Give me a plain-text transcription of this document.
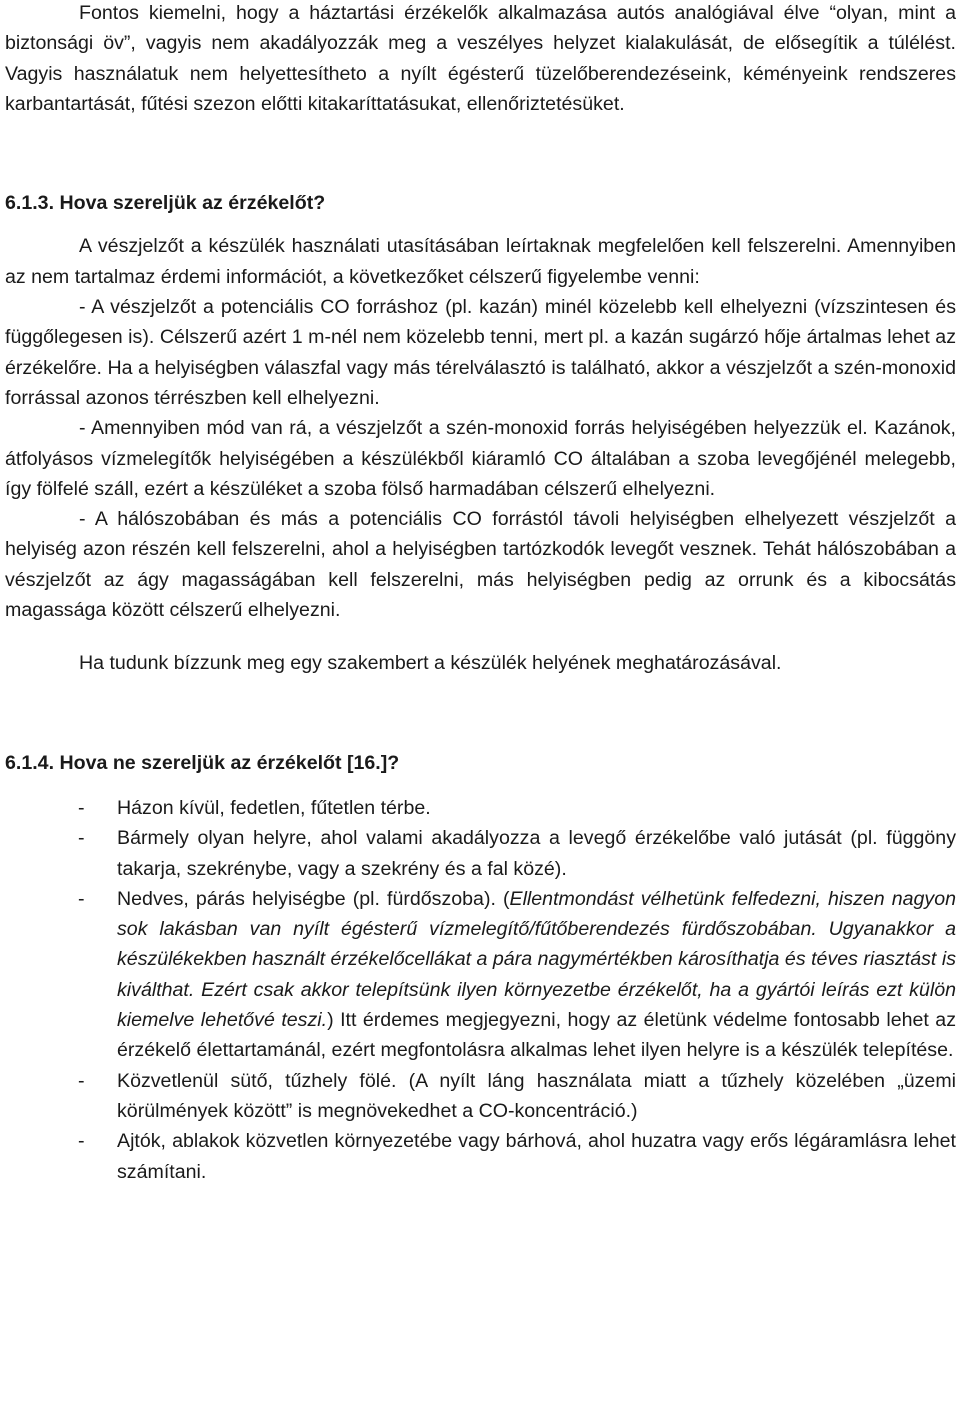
Fontos kiemelni, hogy a háztartási érzékelők alkalmazása autós analógiával élve “olyan, mint a biztonsági öv”, vagyis nem akadályozzák meg a veszélyes helyzet kialakulását, de elősegítik a túlélést. Vagyis használatuk nem helyettesítheto a nyílt égésterű tüzelőberendezéseink, kéményeink rendszeres karbantartását, fűtési szezon előtti kitakaríttatásukat, ellenőriztetésüket.

6.1.3. Hova szereljük az érzékelőt?

A vészjelzőt a készülék használati utasításában leírtaknak megfelelően kell felszerelni. Amennyiben az nem tartalmaz érdemi információt, a következőket célszerű figyelembe venni:

- A vészjelzőt a potenciális CO forráshoz (pl. kazán) minél közelebb kell elhelyezni (vízszintesen és függőlegesen is). Célszerű azért 1 m-nél nem közelebb tenni, mert pl. a kazán sugárzó hője ártalmas lehet az érzékelőre. Ha a helyiségben válaszfal vagy más térelválasztó is található, akkor a vészjelzőt a szén-monoxid forrással azonos térrészben kell elhelyezni.

- Amennyiben mód van rá, a vészjelzőt a szén-monoxid forrás helyiségében helyezzük el. Kazánok, átfolyásos vízmelegítők helyiségében a készülékből kiáramló CO általában a szoba levegőjénél melegebb, így fölfelé száll, ezért a készüléket a szoba fölső harmadában célszerű elhelyezni.

- A hálószobában és más a potenciális CO forrástól távoli helyiségben elhelyezett vészjelzőt a helyiség azon részén kell felszerelni, ahol a helyiségben tartózkodók levegőt vesznek. Tehát hálószobában a vészjelzőt az ágy magasságában kell felszerelni, más helyiségben pedig az orrunk és a kibocsátás magassága között célszerű elhelyezni.

Ha tudunk bízzunk meg egy szakembert a készülék helyének meghatározásával.

6.1.4. Hova ne szereljük az érzékelőt [16.]?
- Házon kívül, fedetlen, fűtetlen térbe.
- Bármely olyan helyre, ahol valami akadályozza a levegő érzékelőbe való jutását (pl. függöny takarja, szekrénybe, vagy a szekrény és a fal közé).
- Nedves, párás helyiségbe (pl. fürdőszoba). (Ellentmondást vélhetünk felfedezni, hiszen nagyon sok lakásban van nyílt égésterű vízmelegítő/fűtőberendezés fürdőszobában. Ugyanakkor a készülékekben használt érzékelőcellákat a pára nagymértékben károsíthatja és téves riasztást is kiválthat. Ezért csak akkor telepítsünk ilyen környezetbe érzékelőt, ha a gyártói leírás ezt külön kiemelve lehetővé teszi.) Itt érdemes megjegyezni, hogy az életünk védelme fontosabb lehet az érzékelő élettartamánál, ezért megfontolásra alkalmas lehet ilyen helyre is a készülék telepítése.
- Közvetlenül sütő, tűzhely fölé. (A nyílt láng használata miatt a tűzhely közelében „üzemi körülmények között” is megnövekedhet a CO-koncentráció.)
- Ajtók, ablakok közvetlen környezetébe vagy bárhová, ahol huzatra vagy erős légáramlásra lehet számítani.
